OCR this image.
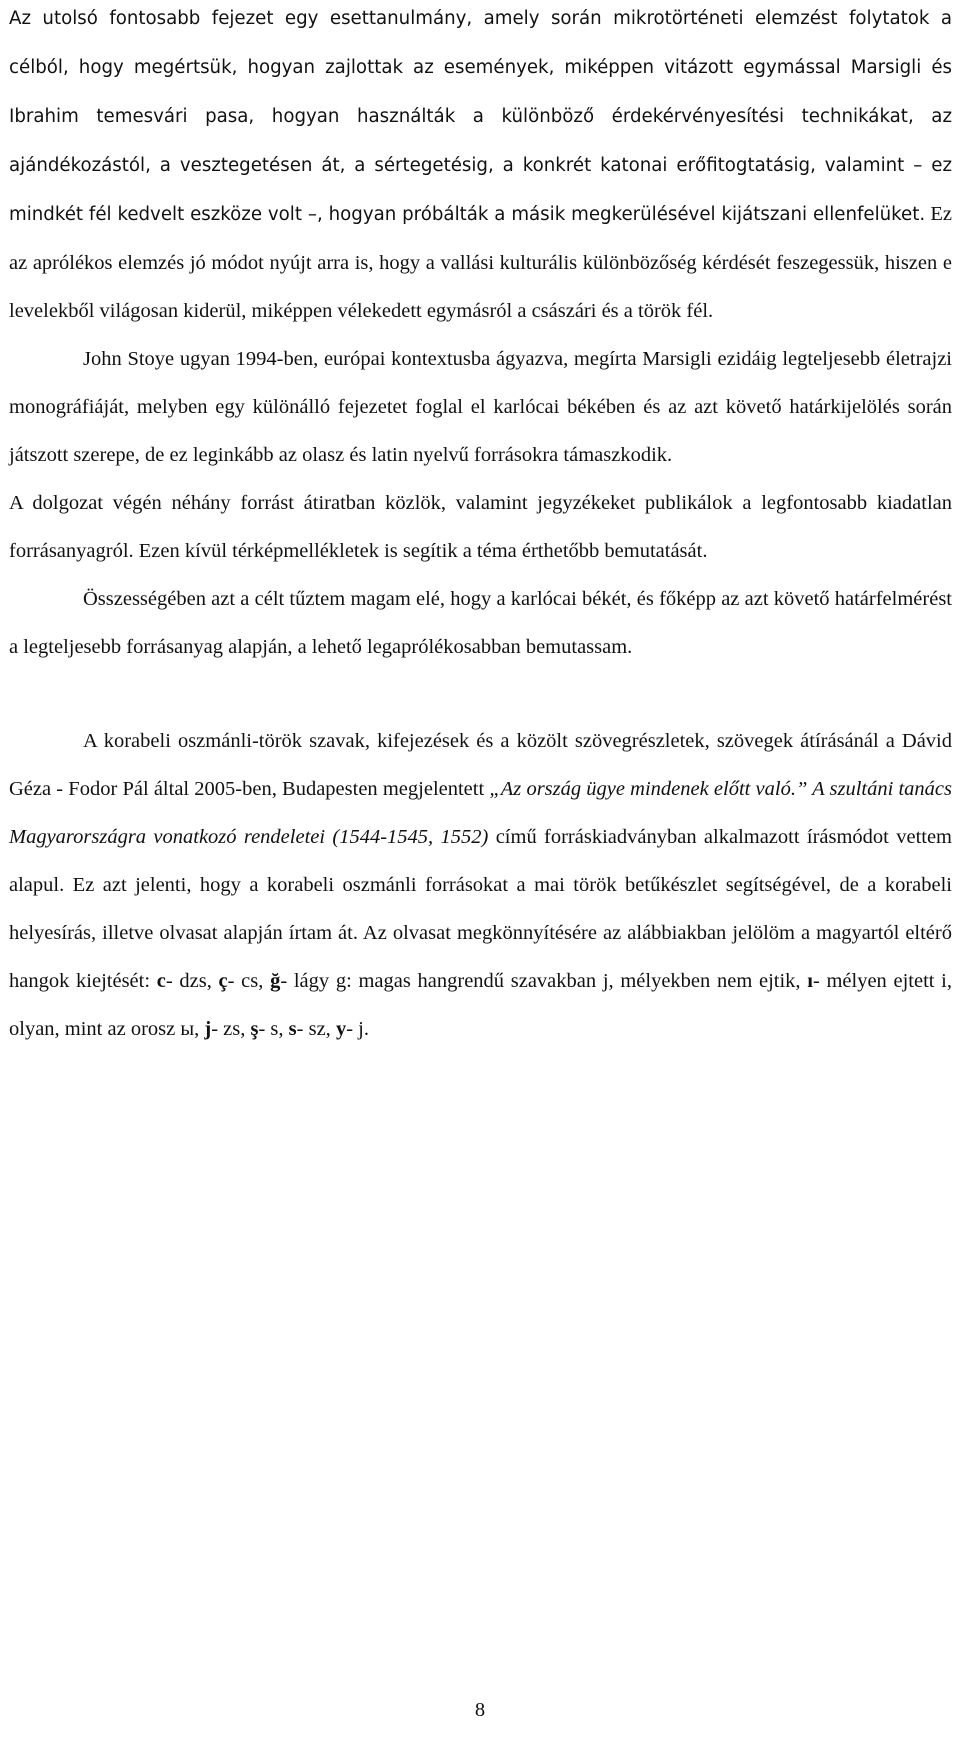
Az utolsó fontosabb fejezet egy esettanulmány, amely során mikrotörténeti elemzést folytatok a célból, hogy megértsük, hogyan zajlottak az események, miképpen vitázott egymással Marsigli és Ibrahim temesvári pasa, hogyan használták a különböző érdekérvényesítési technikákat, az ajándékozástól, a vesztegetésen át, a sértegetésig, a konkrét katonai erőfitogtatásig, valamint – ez mindkét fél kedvelt eszköze volt –, hogyan próbálták a másik megkerülésével kijátszani ellenfelüket. Ez az aprólékos elemzés jó módot nyújt arra is, hogy a vallási kulturális különbözőség kérdését feszegessük, hiszen e levelekből világosan kiderül, miképpen vélekedett egymásról a császári és a török fél.

John Stoye ugyan 1994-ben, európai kontextusba ágyazva, megírta Marsigli ezidáig legteljesebb életrajzi monográfiáját, melyben egy különálló fejezetet foglal el karlócai békében és az azt követő határkijelölés során játszott szerepe, de ez leginkább az olasz és latin nyelvű forrásokra támaszkodik.

A dolgozat végén néhány forrást átiratban közlök, valamint jegyzékeket publikálok a legfontosabb kiadatlan forrásanyagról. Ezen kívül térképmellékletek is segítik a téma érthetőbb bemutatását.

Összességében azt a célt tűztem magam elé, hogy a karlócai békét, és főképp az azt követő határfelmérést a legteljesebb forrásanyag alapján, a lehető legaprólékosabban bemutassam.

A korabeli oszmánli-török szavak, kifejezések és a közölt szövegrészletek, szövegek átírásánál a Dávid Géza - Fodor Pál által 2005-ben, Budapesten megjelentett „Az ország ügye mindenek előtt való.” A szultáni tanács Magyarországra vonatkozó rendeletei (1544-1545, 1552) című forráskiadványban alkalmazott írásmódot vettem alapul. Ez azt jelenti, hogy a korabeli oszmánli forrásokat a mai török betűkészlet segítségével, de a korabeli helyesírás, illetve olvasat alapján írtam át. Az olvasat megkönnyítésére az alábbiakban jelölöm a magyartól eltérő hangok kiejtését: c- dzs, ç- cs, ğ- lágy g: magas hangrendű szavakban j, mélyekben nem ejtik, ı- mélyen ejtett i, olyan, mint az orosz ы, j- zs, ş- s, s- sz, y- j.

8
